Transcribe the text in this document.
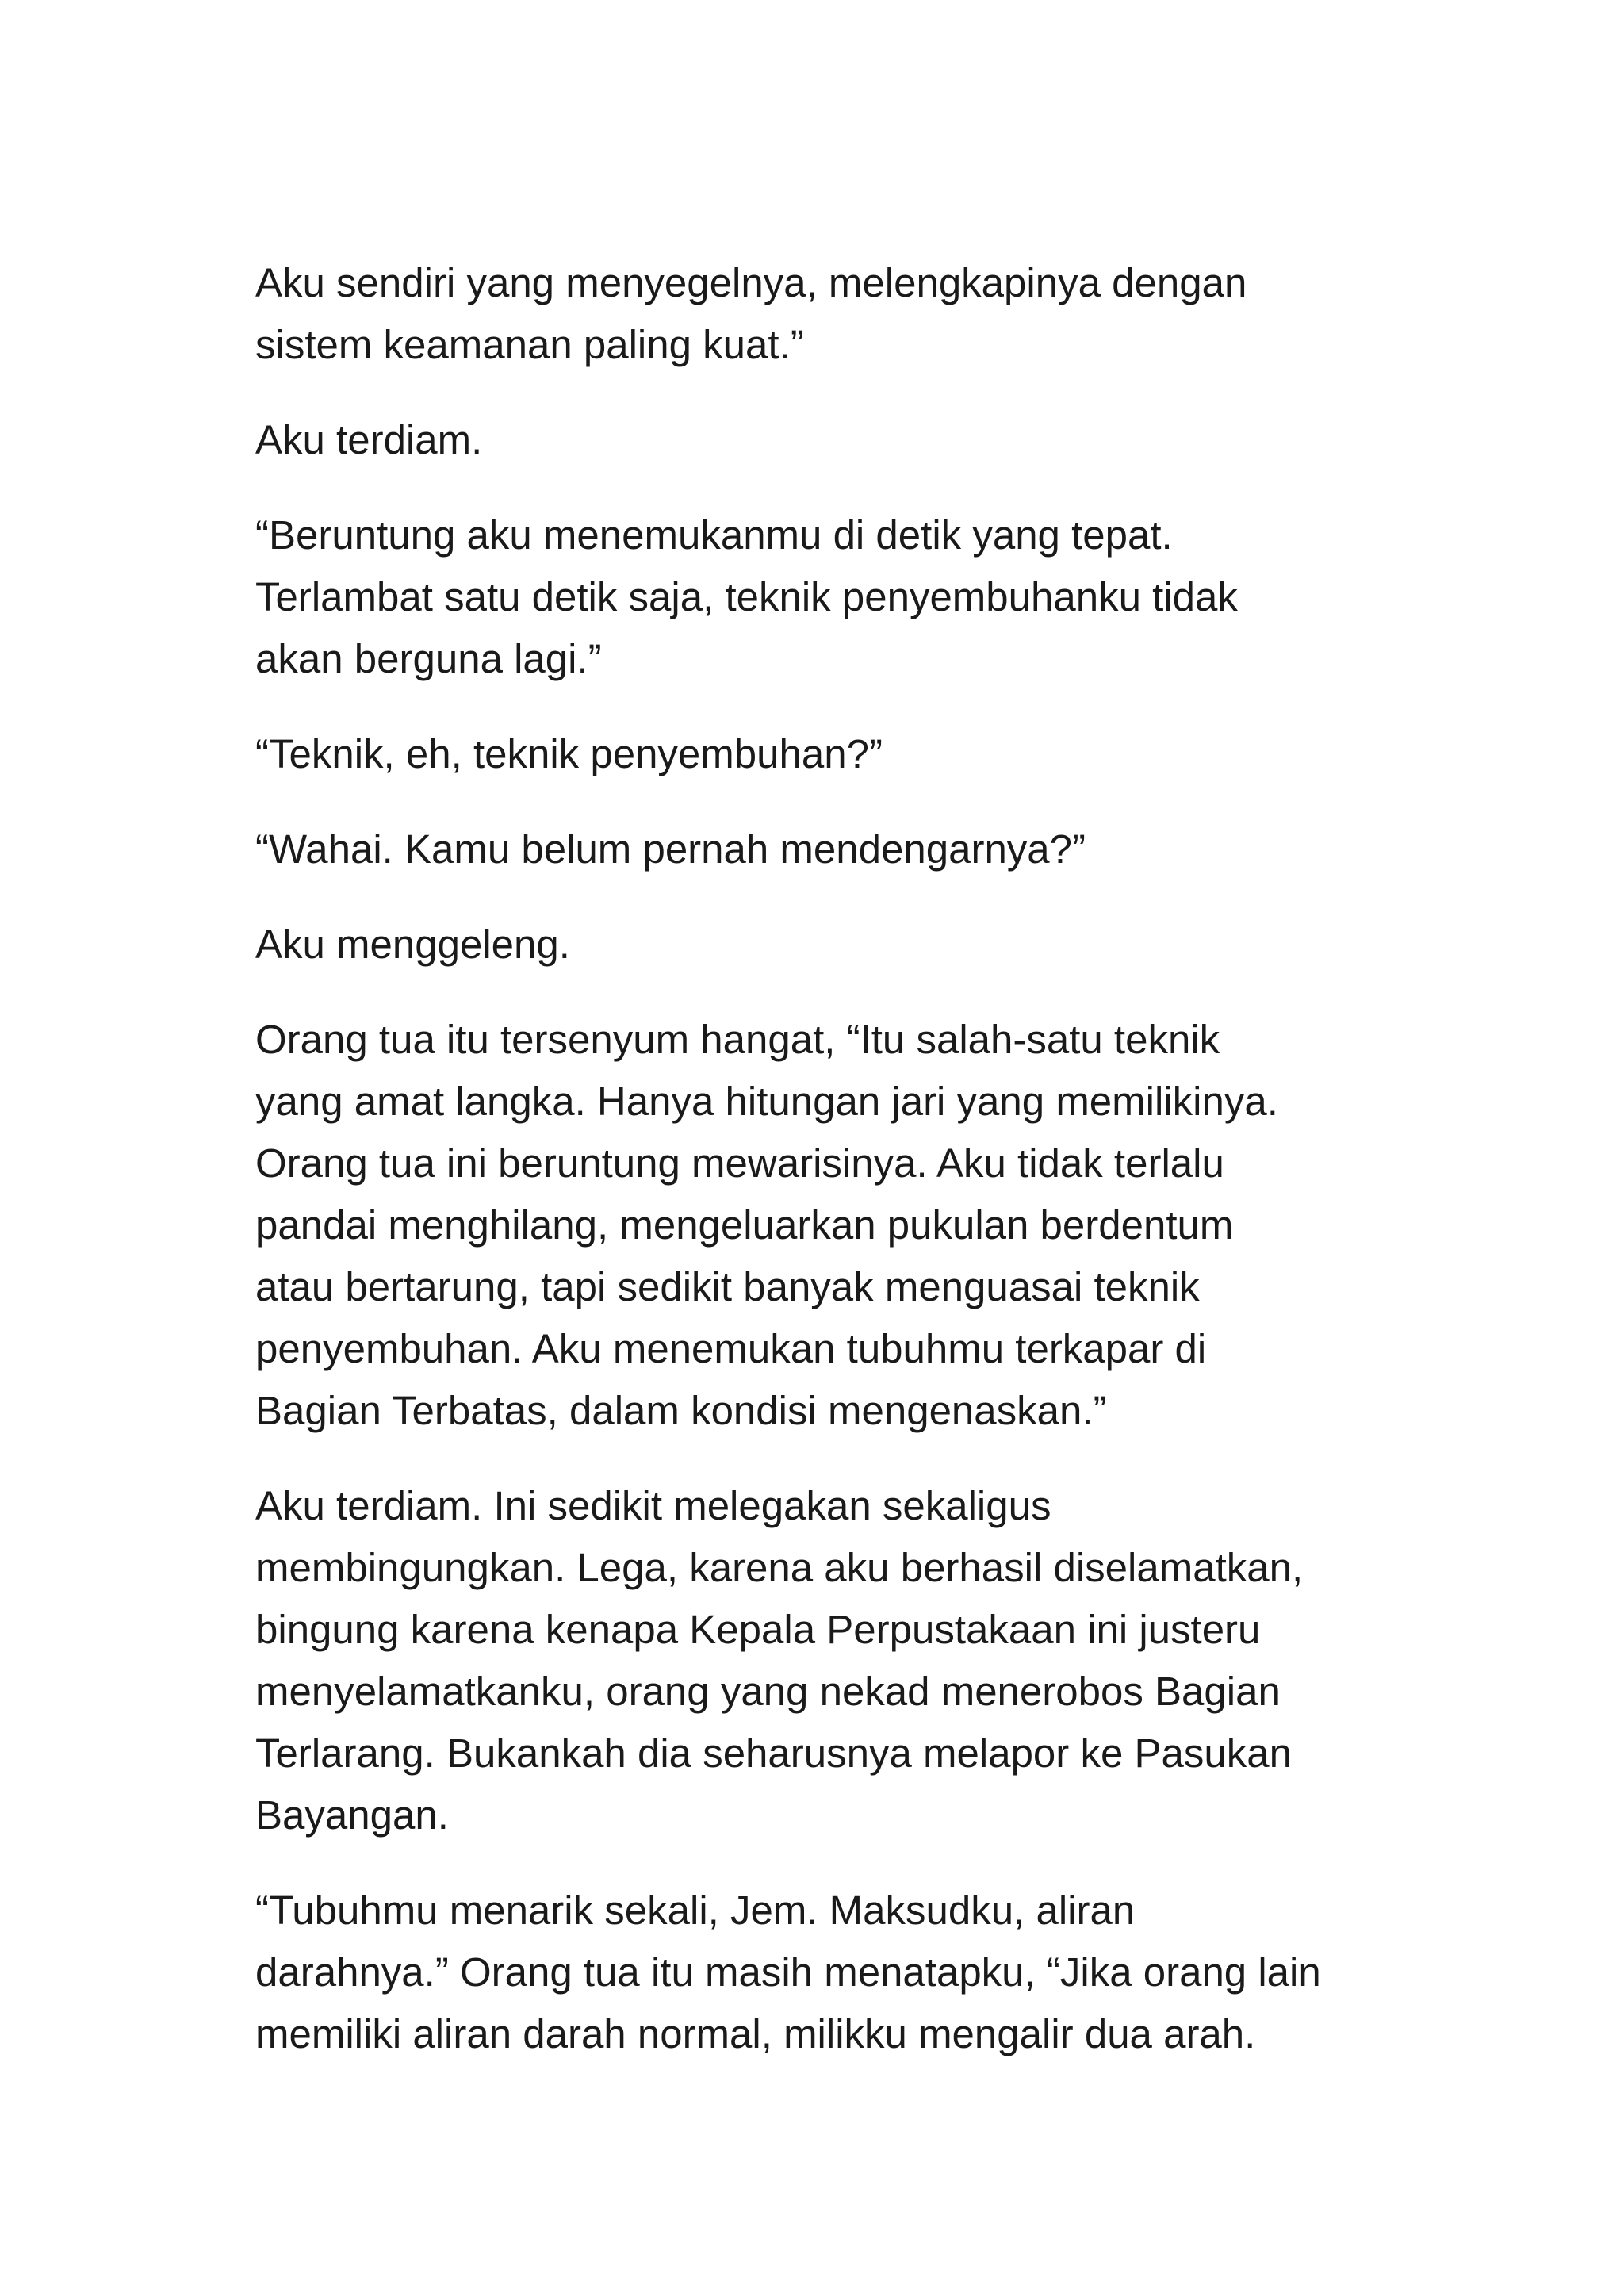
Aku sendiri yang menyegelnya, melengkapinya dengan
sistem keamanan paling kuat.”

Aku terdiam.

“Beruntung aku menemukanmu di detik yang tepat.
Terlambat satu detik saja, teknik penyembuhanku tidak
akan berguna lagi.”

“Teknik, eh, teknik penyembuhan?”

“Wahai. Kamu belum pernah mendengarnya?”

Aku menggeleng.

Orang tua itu tersenyum hangat, “Itu salah-satu teknik
yang amat langka. Hanya hitungan jari yang memilikinya.
Orang tua ini beruntung mewarisinya. Aku tidak terlalu
pandai menghilang, mengeluarkan pukulan berdentum
atau bertarung, tapi sedikit banyak menguasai teknik
penyembuhan. Aku menemukan tubuhmu terkapar di
Bagian Terbatas, dalam kondisi mengenaskan.”

Aku terdiam. Ini sedikit melegakan sekaligus
membingungkan. Lega, karena aku berhasil diselamatkan,
bingung karena kenapa Kepala Perpustakaan ini justeru
menyelamatkanku, orang yang nekad menerobos Bagian
Terlarang. Bukankah dia seharusnya melapor ke Pasukan
Bayangan.

“Tubuhmu menarik sekali, Jem. Maksudku, aliran
darahnya.” Orang tua itu masih menatapku, “Jika orang lain
memiliki aliran darah normal, milikku mengalir dua arah.
